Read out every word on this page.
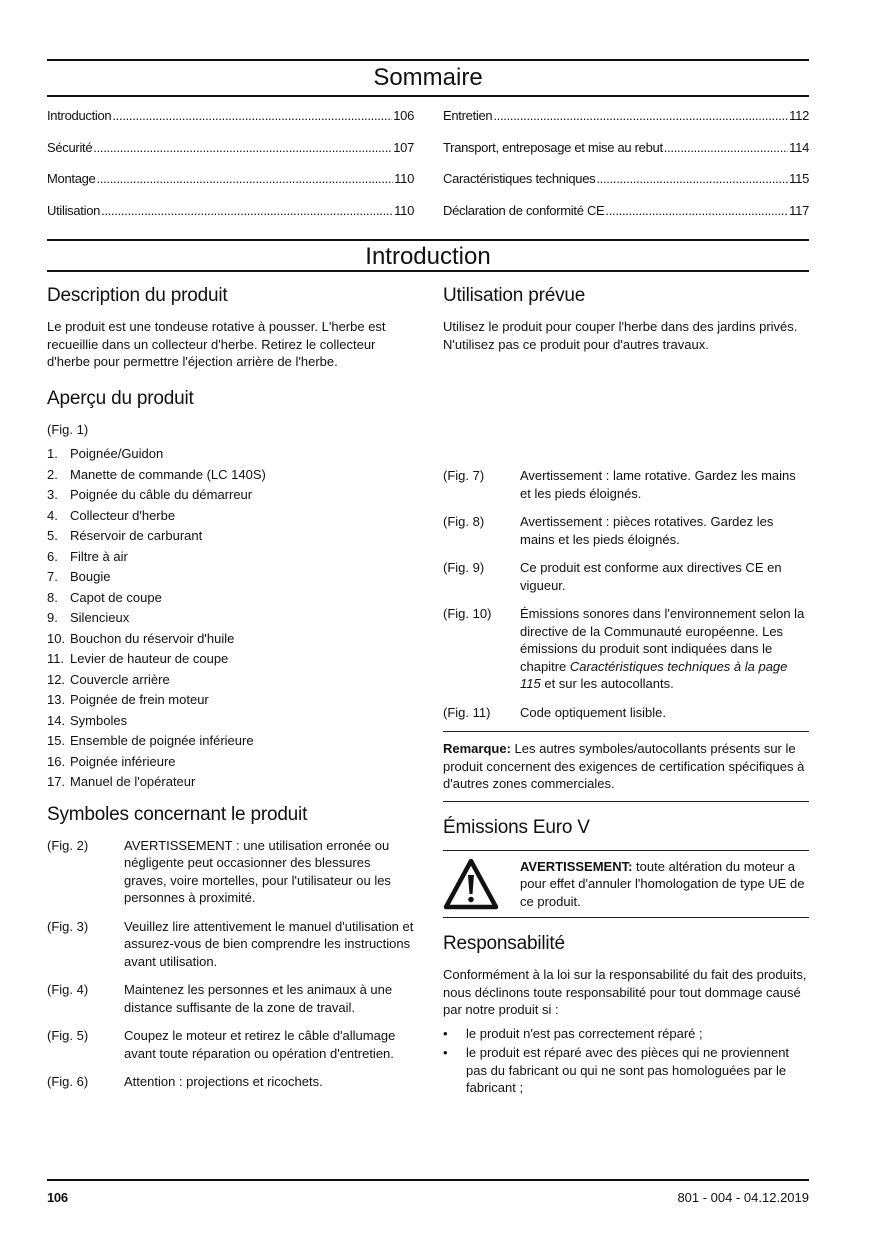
Sommaire
Introduction .....	106
Sécurité .....	107
Montage .....	110
Utilisation .....	110
Entretien .....	112
Transport, entreposage et mise au rebut .....	114
Caractéristiques techniques .....	115
Déclaration de conformité CE .....	117
Introduction
Description du produit

Le produit est une tondeuse rotative à pousser. L'herbe est recueillie dans un collecteur d'herbe. Retirez le collecteur d'herbe pour permettre l'éjection arrière de l'herbe.

Aperçu du produit
(Fig. 1)
1. Poignée/Guidon
2. Manette de commande (LC 140S)
3. Poignée du câble du démarreur
4. Collecteur d'herbe
5. Réservoir de carburant
6. Filtre à air
7. Bougie
8. Capot de coupe
9. Silencieux
10. Bouchon du réservoir d'huile
11. Levier de hauteur de coupe
12. Couvercle arrière
13. Poignée de frein moteur
14. Symboles
15. Ensemble de poignée inférieure
16. Poignée inférieure
17. Manuel de l'opérateur
Symboles concernant le produit
(Fig. 2)	AVERTISSEMENT : une utilisation erronée ou négligente peut occasionner des blessures graves, voire mortelles, pour l'utilisateur ou les personnes à proximité.
(Fig. 3)	Veuillez lire attentivement le manuel d'utilisation et assurez-vous de bien comprendre les instructions avant utilisation.
(Fig. 4)	Maintenez les personnes et les animaux à une distance suffisante de la zone de travail.
(Fig. 5)	Coupez le moteur et retirez le câble d'allumage avant toute réparation ou opération d'entretien.
(Fig. 6)	Attention : projections et ricochets.
Utilisation prévue

Utilisez le produit pour couper l'herbe dans des jardins privés. N'utilisez pas ce produit pour d'autres travaux.

(Fig. 7)	Avertissement : lame rotative. Gardez les mains et les pieds éloignés.
(Fig. 8)	Avertissement : pièces rotatives. Gardez les mains et les pieds éloignés.
(Fig. 9)	Ce produit est conforme aux directives CE en vigueur.
(Fig. 10)	Émissions sonores dans l'environnement selon la directive de la Communauté européenne. Les émissions du produit sont indiquées dans le chapitre Caractéristiques techniques à la page 115 et sur les autocollants.
(Fig. 11)	Code optiquement lisible.
Remarque: Les autres symboles/autocollants présents sur le produit concernent des exigences de certification spécifiques à d'autres zones commerciales.
Émissions Euro V
AVERTISSEMENT: toute altération du moteur a pour effet d'annuler l'homologation de type UE de ce produit.
Responsabilité

Conformément à la loi sur la responsabilité du fait des produits, nous déclinons toute responsabilité pour tout dommage causé par notre produit si :

•	le produit n'est pas correctement réparé ;
•	le produit est réparé avec des pièces qui ne proviennent pas du fabricant ou qui ne sont pas homologuées par le fabricant ;
106	801 - 004 - 04.12.2019
